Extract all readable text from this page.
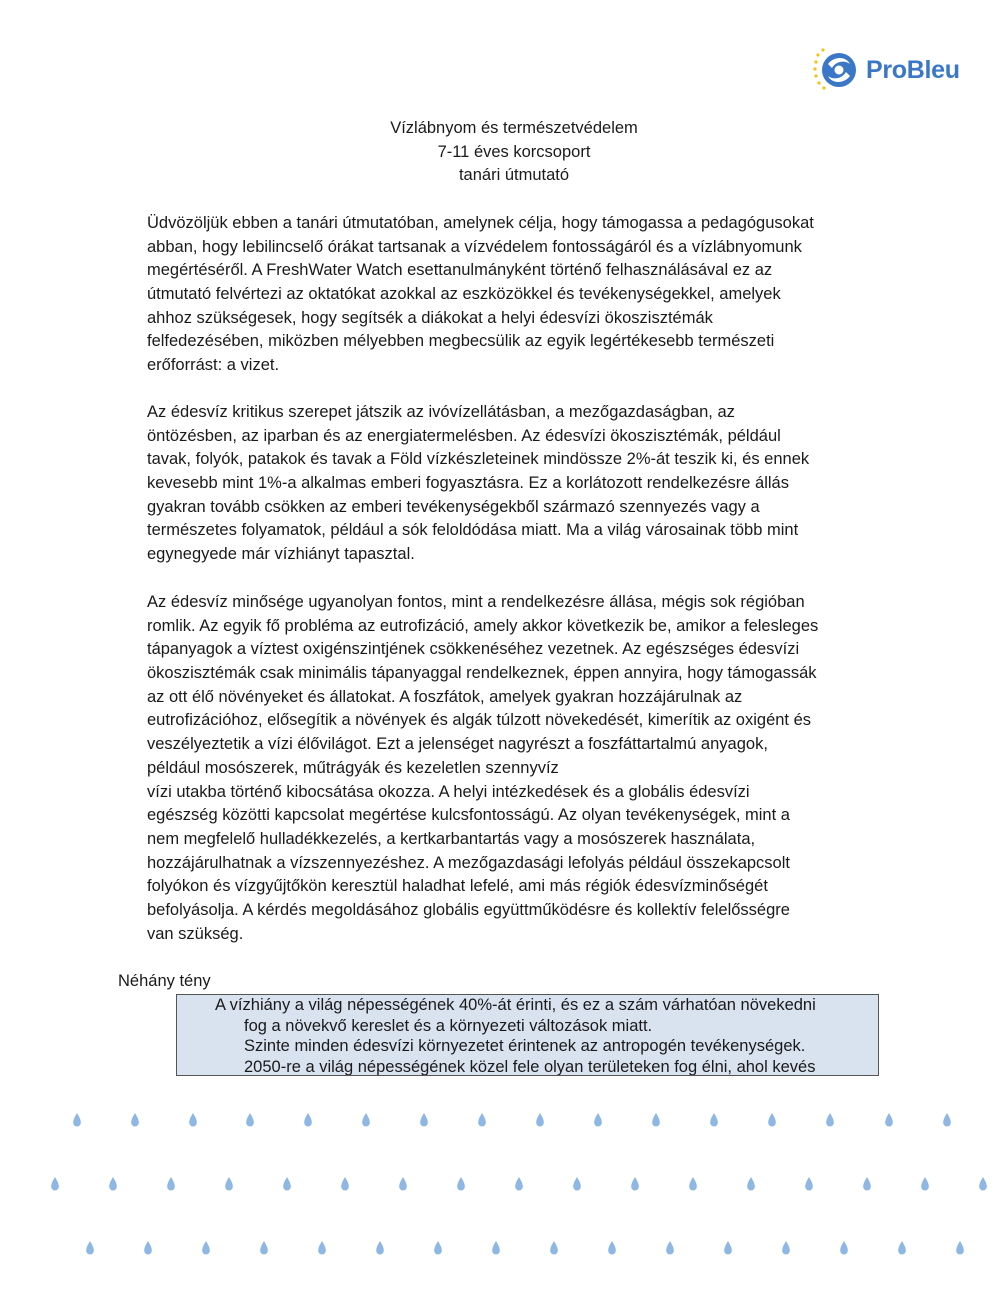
ProBleu
Vízlábnyom és természetvédelem
7-11 éves korcsoport
tanári útmutató
Üdvözöljük ebben a tanári útmutatóban, amelynek célja, hogy támogassa a pedagógusokat
abban, hogy lebilincselő órákat tartsanak a vízvédelem fontosságáról és a vízlábnyomunk
megértéséről. A FreshWater Watch esettanulmányként történő felhasználásával ez az
útmutató felvértezi az oktatókat azokkal az eszközökkel és tevékenységekkel, amelyek
ahhoz szükségesek, hogy segítsék a diákokat a helyi édesvízi ökoszisztémák
felfedezésében, miközben mélyebben megbecsülik az egyik legértékesebb természeti
erőforrást: a vizet.
Az édesvíz kritikus szerepet játszik az ivóvízellátásban, a mezőgazdaságban, az
öntözésben, az iparban és az energiatermelésben. Az édesvízi ökoszisztémák, például
tavak, folyók, patakok és tavak a Föld vízkészleteinek mindössze 2%-át teszik ki, és ennek
kevesebb mint 1%-a alkalmas emberi fogyasztásra. Ez a korlátozott rendelkezésre állás
gyakran tovább csökken az emberi tevékenységekből származó szennyezés vagy a
természetes folyamatok, például a sók feloldódása miatt. Ma a világ városainak több mint
egynegyede már vízhiányt tapasztal.
Az édesvíz minősége ugyanolyan fontos, mint a rendelkezésre állása, mégis sok régióban
romlik. Az egyik fő probléma az eutrofizáció, amely akkor következik be, amikor a felesleges
tápanyagok a víztest oxigénszintjének csökkenéséhez vezetnek. Az egészséges édesvízi
ökoszisztémák csak minimális tápanyaggal rendelkeznek, éppen annyira, hogy támogassák
az ott élő növényeket és állatokat. A foszfátok, amelyek gyakran hozzájárulnak az
eutrofizációhoz, elősegítik a növények és algák túlzott növekedését, kimerítik az oxigént és
veszélyeztetik a vízi élővilágot. Ezt a jelenséget nagyrészt a foszfáttartalmú anyagok,
például mosószerek, műtrágyák és kezeletlen szennyvíz
vízi utakba történő kibocsátása okozza. A helyi intézkedések és a globális édesvízi
egészség közötti kapcsolat megértése kulcsfontosságú. Az olyan tevékenységek, mint a
nem megfelelő hulladékkezelés, a kertkarbantartás vagy a mosószerek használata,
hozzájárulhatnak a vízszennyezéshez. A mezőgazdasági lefolyás például összekapcsolt
folyókon és vízgyűjtőkön keresztül haladhat lefelé, ami más régiók édesvízminőségét
befolyásolja. A kérdés megoldásához globális együttműködésre és kollektív felelősségre
van szükség.
Néhány tény
A vízhiány a világ népességének 40%-át érinti, és ez a szám várhatóan növekedni
fog a növekvő kereslet és a környezeti változások miatt.
Szinte minden édesvízi környezetet érintenek az antropogén tevékenységek.
2050-re a világ népességének közel fele olyan területeken fog élni, ahol kevés
